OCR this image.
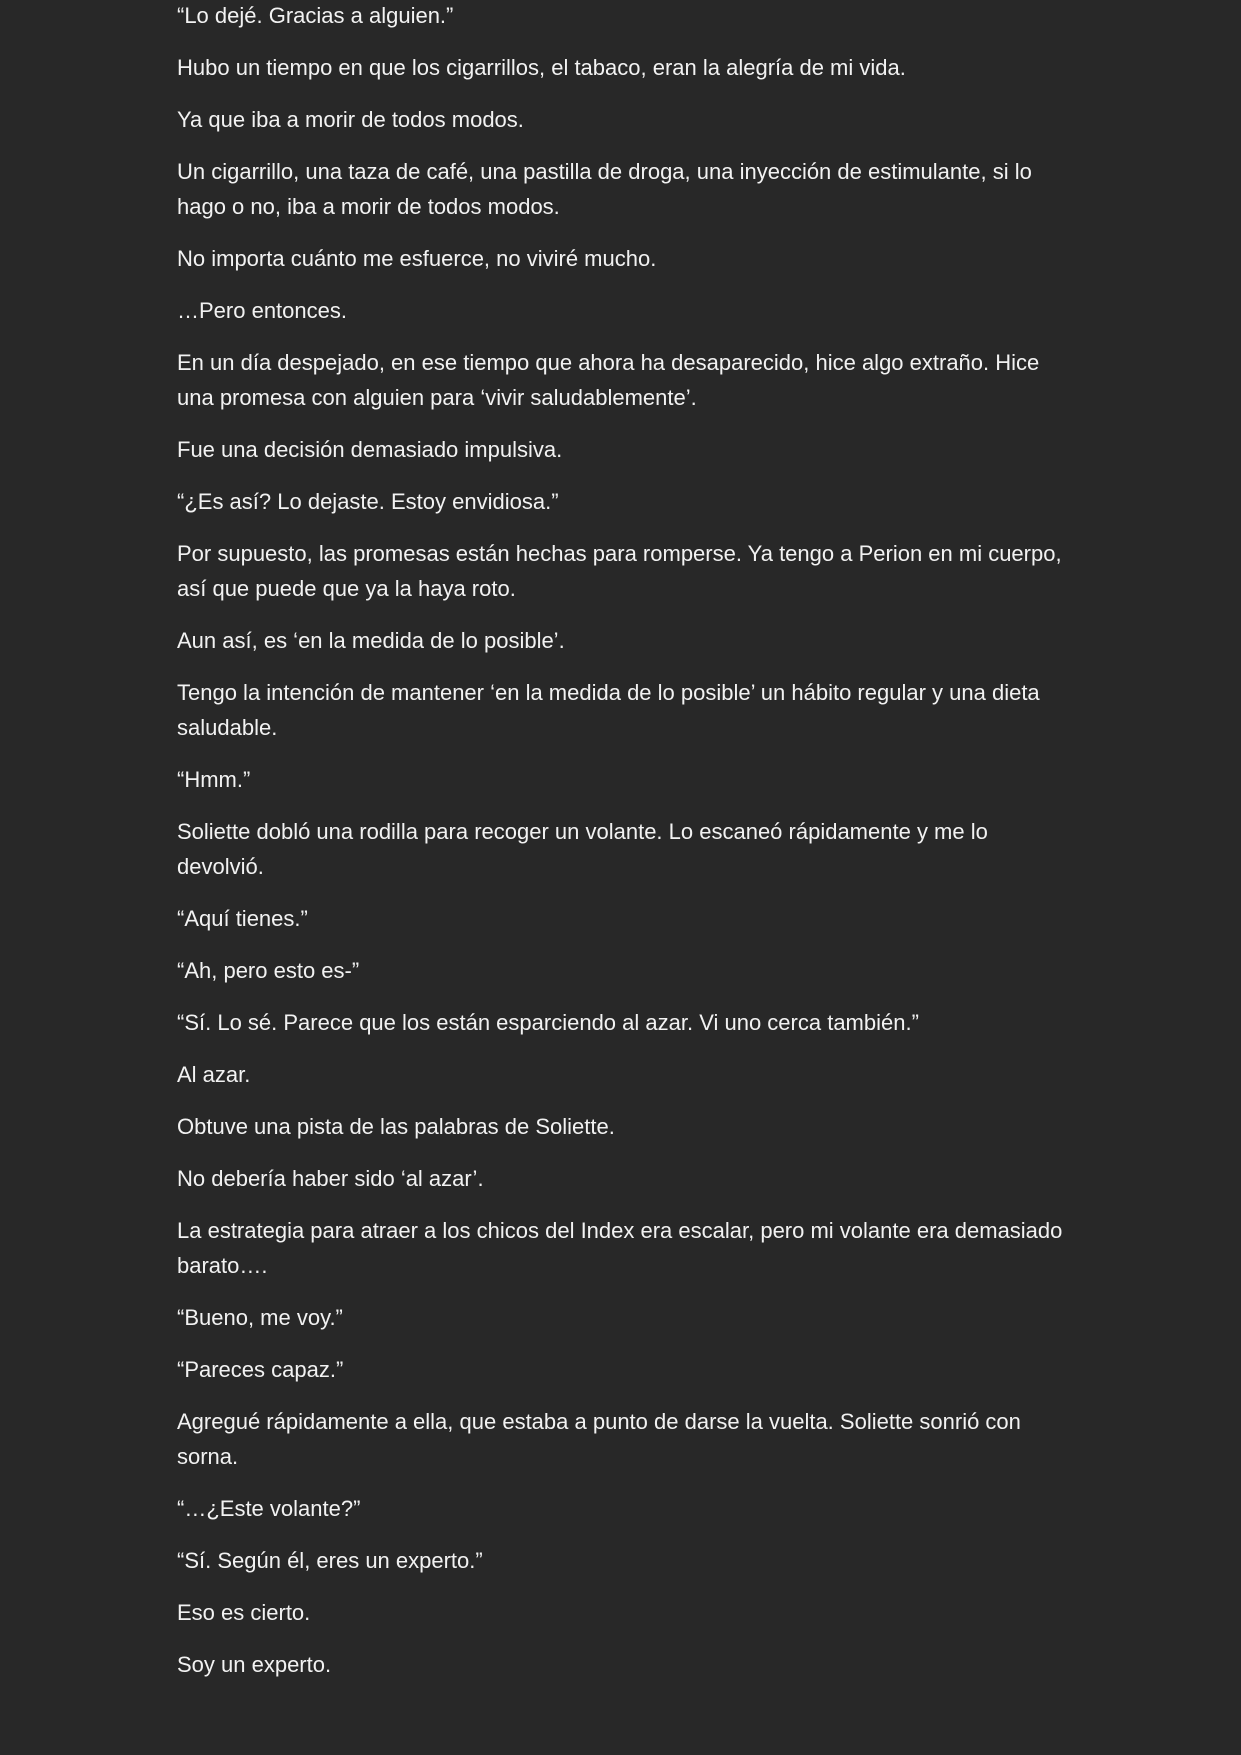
“Lo dejé. Gracias a alguien.”

Hubo un tiempo en que los cigarrillos, el tabaco, eran la alegría de mi vida.

Ya que iba a morir de todos modos.

Un cigarrillo, una taza de café, una pastilla de droga, una inyección de estimulante, si lo hago o no, iba a morir de todos modos.

No importa cuánto me esfuerce, no viviré mucho.

…Pero entonces.

En un día despejado, en ese tiempo que ahora ha desaparecido, hice algo extraño. Hice una promesa con alguien para ‘vivir saludablemente’.

Fue una decisión demasiado impulsiva.

“¿Es así? Lo dejaste. Estoy envidiosa.”

Por supuesto, las promesas están hechas para romperse. Ya tengo a Perion en mi cuerpo, así que puede que ya la haya roto.

Aun así, es ‘en la medida de lo posible’.

Tengo la intención de mantener ‘en la medida de lo posible’ un hábito regular y una dieta saludable.

“Hmm.”

Soliette dobló una rodilla para recoger un volante. Lo escaneó rápidamente y me lo devolvió.

“Aquí tienes.”

“Ah, pero esto es-”

“Sí. Lo sé. Parece que los están esparciendo al azar. Vi uno cerca también.”

Al azar.

Obtuve una pista de las palabras de Soliette.

No debería haber sido ‘al azar’.

La estrategia para atraer a los chicos del Index era escalar, pero mi volante era demasiado barato….

“Bueno, me voy.”

“Pareces capaz.”

Agregué rápidamente a ella, que estaba a punto de darse la vuelta. Soliette sonrió con sorna.

“…¿Este volante?”

“Sí. Según él, eres un experto.”

Eso es cierto.

Soy un experto.
